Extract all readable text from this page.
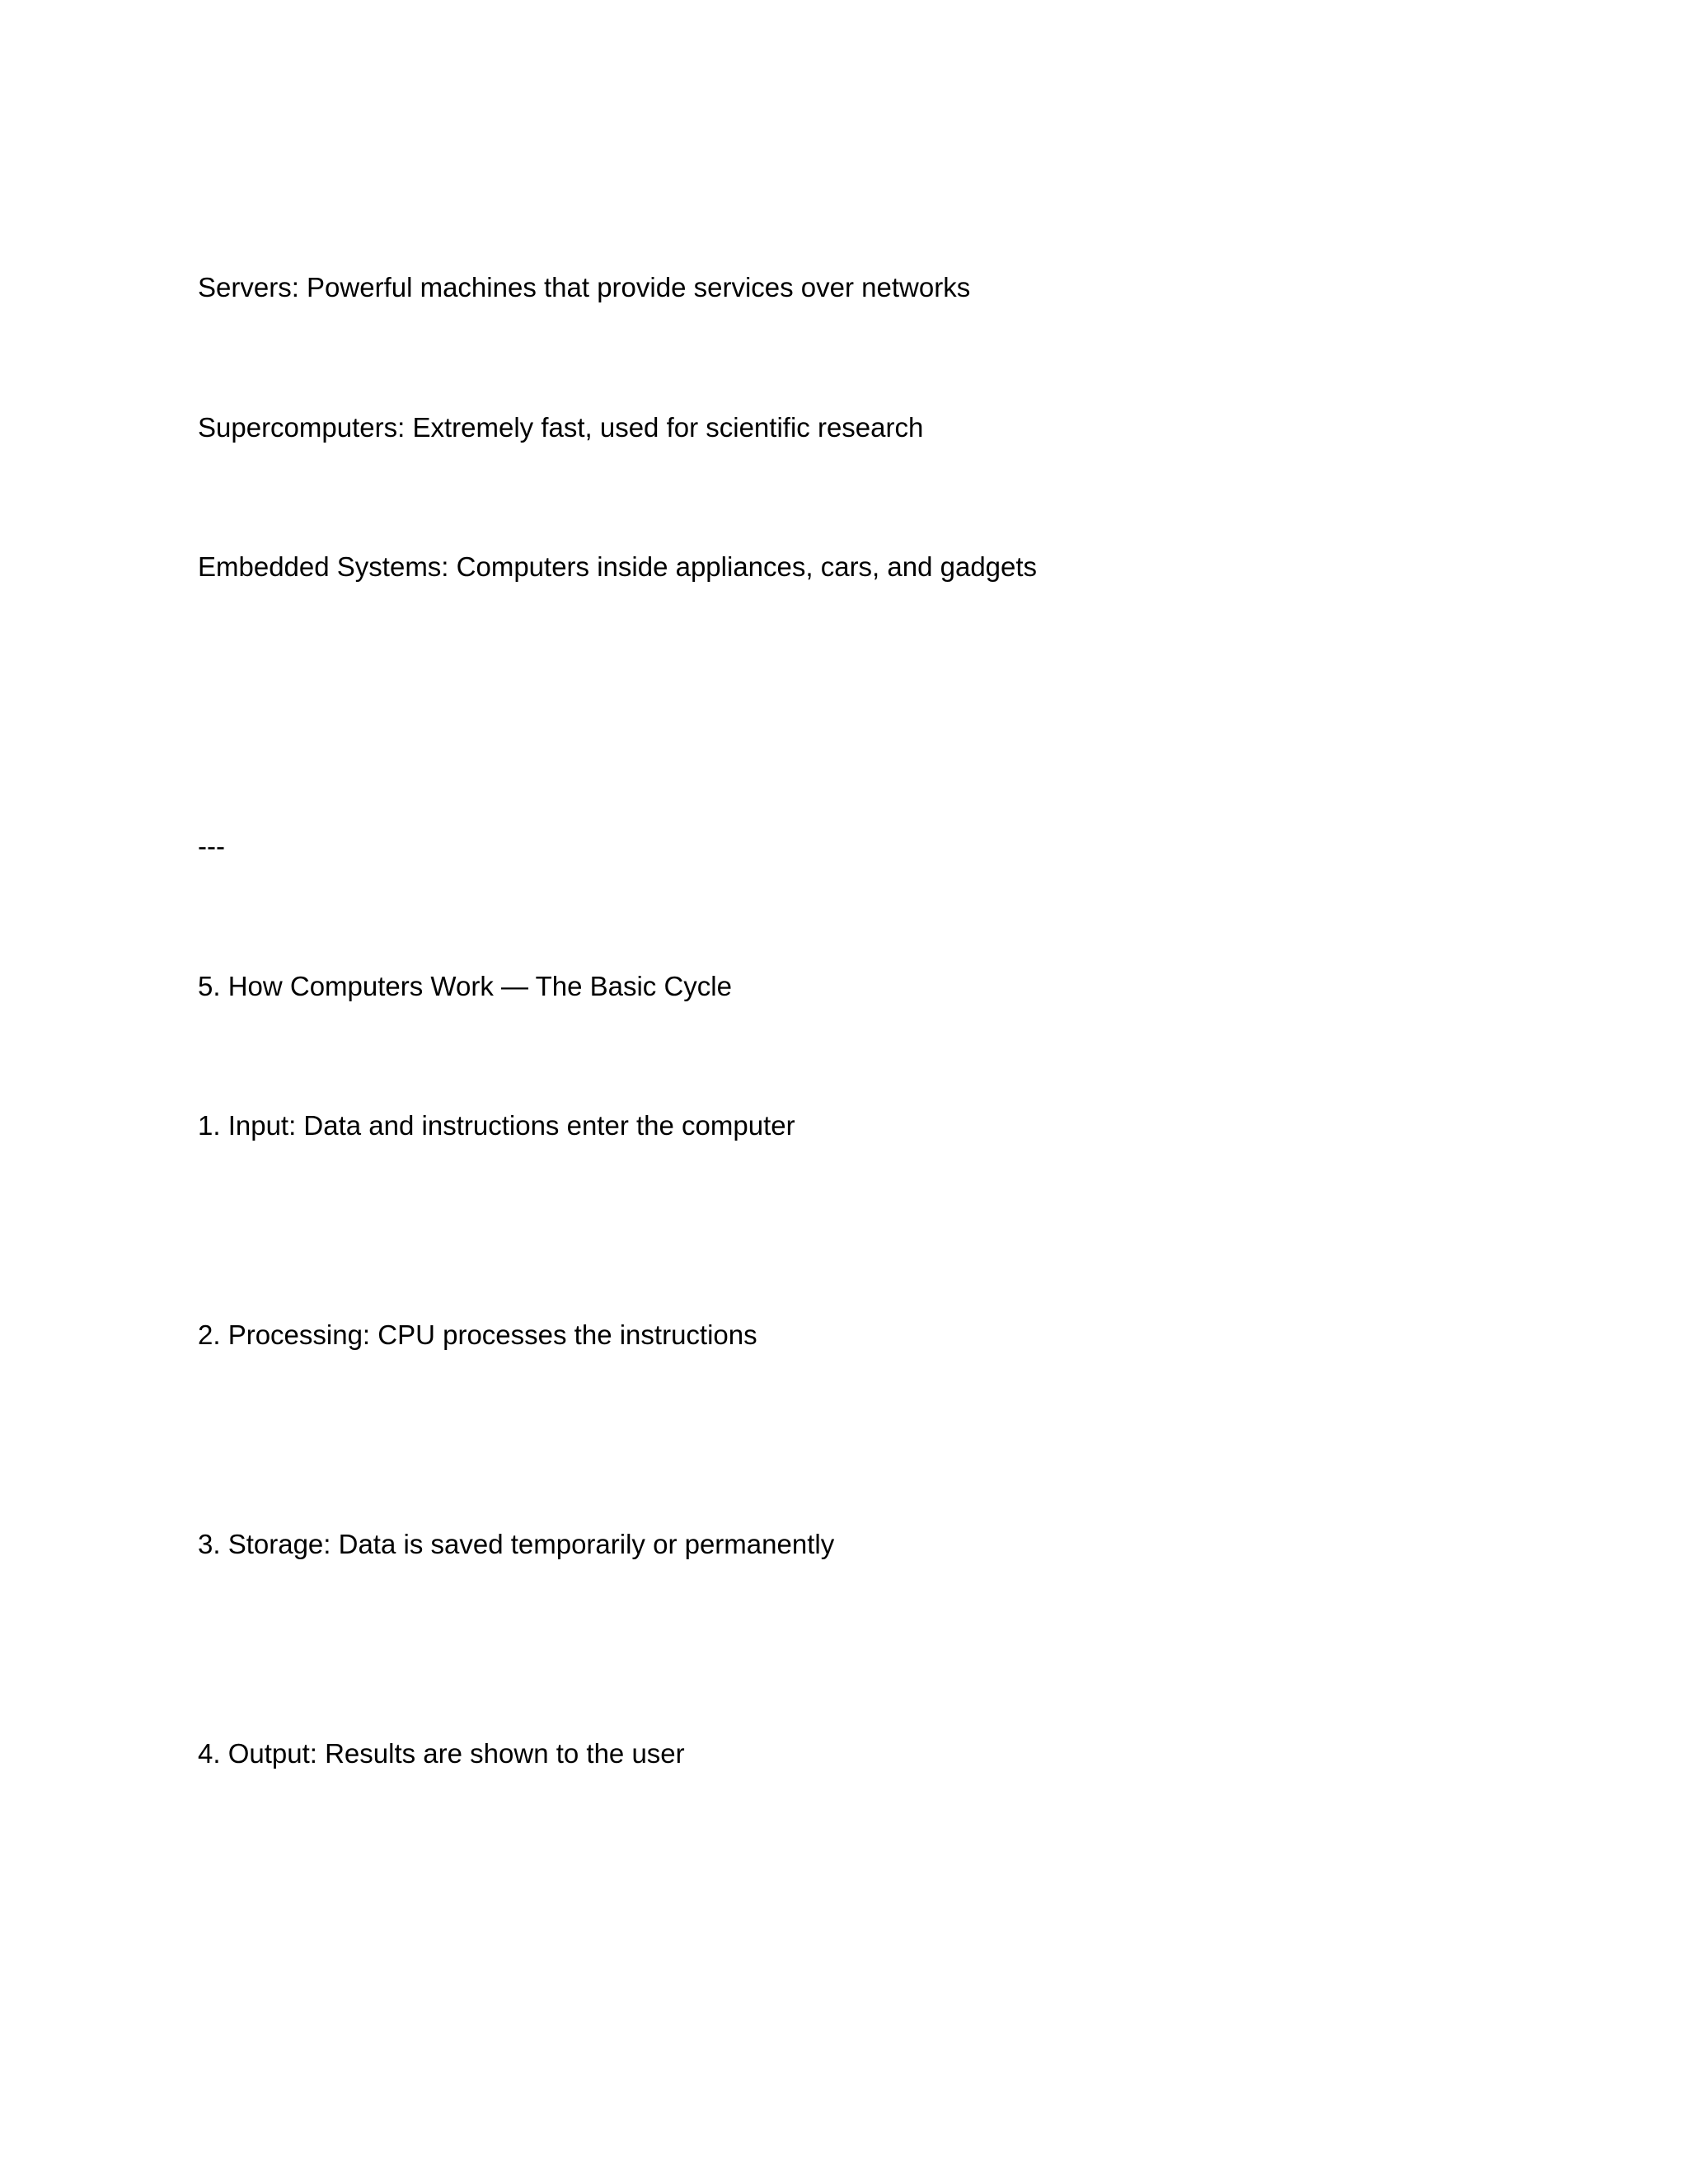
Servers: Powerful machines that provide services over networks

Supercomputers: Extremely fast, used for scientific research

Embedded Systems: Computers inside appliances, cars, and gadgets

---

5. How Computers Work — The Basic Cycle

1. Input: Data and instructions enter the computer

2. Processing: CPU processes the instructions

3. Storage: Data is saved temporarily or permanently

4. Output: Results are shown to the user
